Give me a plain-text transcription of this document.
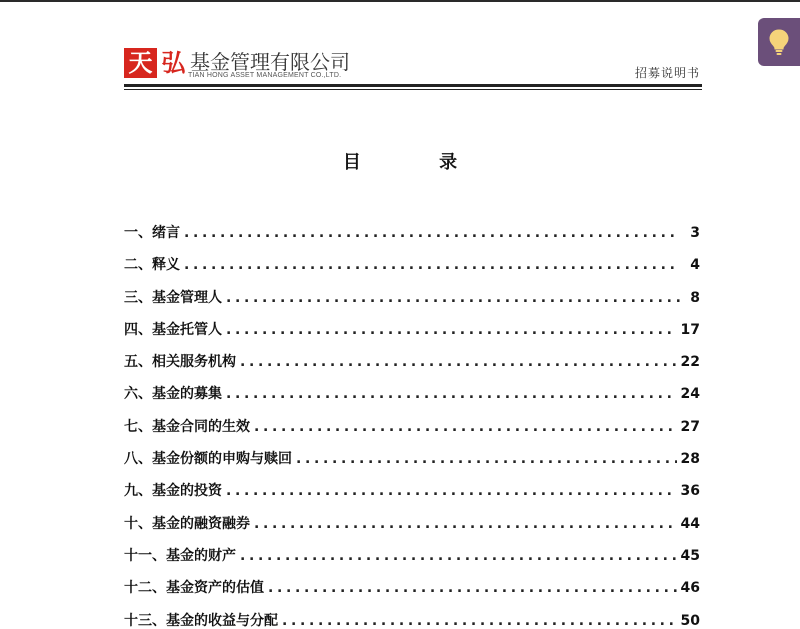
天 弘 基金管理有限公司
TIAN HONG ASSET MANAGEMENT CO.,LTD.	招募说明书
目 录
一、绪言 . . .	3
二、释义 . . .	4
三、基金管理人 . . .	8
四、基金托管人 . . .	17
五、相关服务机构 . . .	22
六、基金的募集 . . .	24
七、基金合同的生效 . . .	27
八、基金份额的申购与赎回 . . .	28
九、基金的投资 . . .	36
十、基金的融资融券 . . .	44
十一、基金的财产 . . .	45
十二、基金资产的估值 . . .	46
十三、基金的收益与分配 . . .	50
